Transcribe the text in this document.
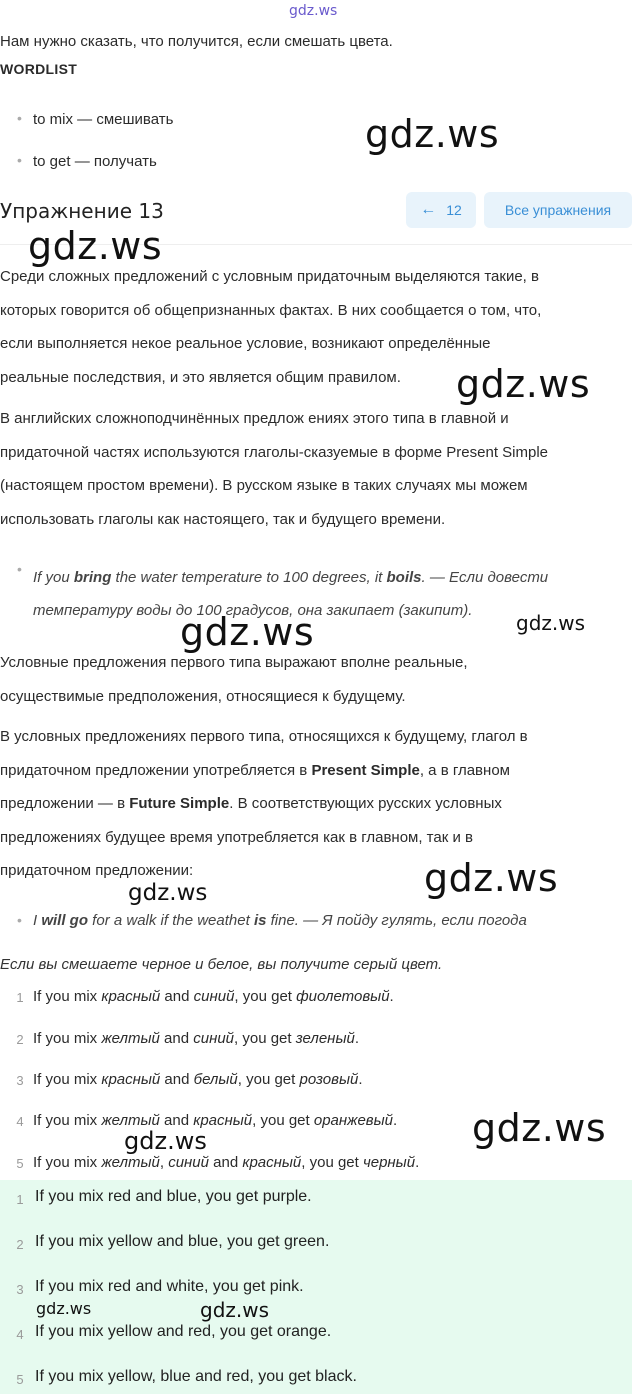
gdz.ws
Нам нужно сказать, что получится, если смешать цвета.
WORDLIST
• to mix — смешивать
• to get — получать
gdz.ws
Упражнение 13	← 12	Все упражнения
gdz.ws
Среди сложных предложений с условным придаточным выделяются такие, в
которых говорится об общепризнанных фактах. В них сообщается о том, что,
если выполняется некое реальное условие, возникают определённые
реальные последствия, и это является общим правилом.	gdz.ws
В английских сложноподчинённых предлож ениях этого типа в главной и
придаточной частях используются глаголы-сказуемые в форме Present Simple
(настоящем простом времени). В русском языке в таких случаях мы можем
использовать глаголы как настоящего, так и будущего времени.
• If you bring the water temperature to 100 degrees, it boils. — Если довести
температуру воды до 100 градусов, она закипает (закипит).
gdz.ws	gdz.ws
Условные предложения первого типа выражают вполне реальные,
осуществимые предположения, относящиеся к будущему.
В условных предложениях первого типа, относящихся к будущему, глагол в
придаточном предложении употребляется в Present Simple, а в главном
предложении — в Future Simple. В соответствующих русских условных
предложениях будущее время употребляется как в главном, так и в
придаточном предложении:
gdz.ws	gdz.ws
• I will go for a walk if the weathet is fine. — Я пойду гулять, если погода
Если вы смешаете черное и белое, вы получите серый цвет.
1 If you mix красный and синий, you get фиолетовый.
2 If you mix желтый and синий, you get зеленый.
3 If you mix красный and белый, you get розовый.
4 If you mix желтый and красный, you get оранжевый.
5 If you mix желтый, синий and красный, you get черный.
gdz.ws	gdz.ws
1 If you mix red and blue, you get purple.
2 If you mix yellow and blue, you get green.
3 If you mix red and white, you get pink.
4 If you mix yellow and red, you get orange.
5 If you mix yellow, blue and red, you get black.
gdz.ws	gdz.ws
